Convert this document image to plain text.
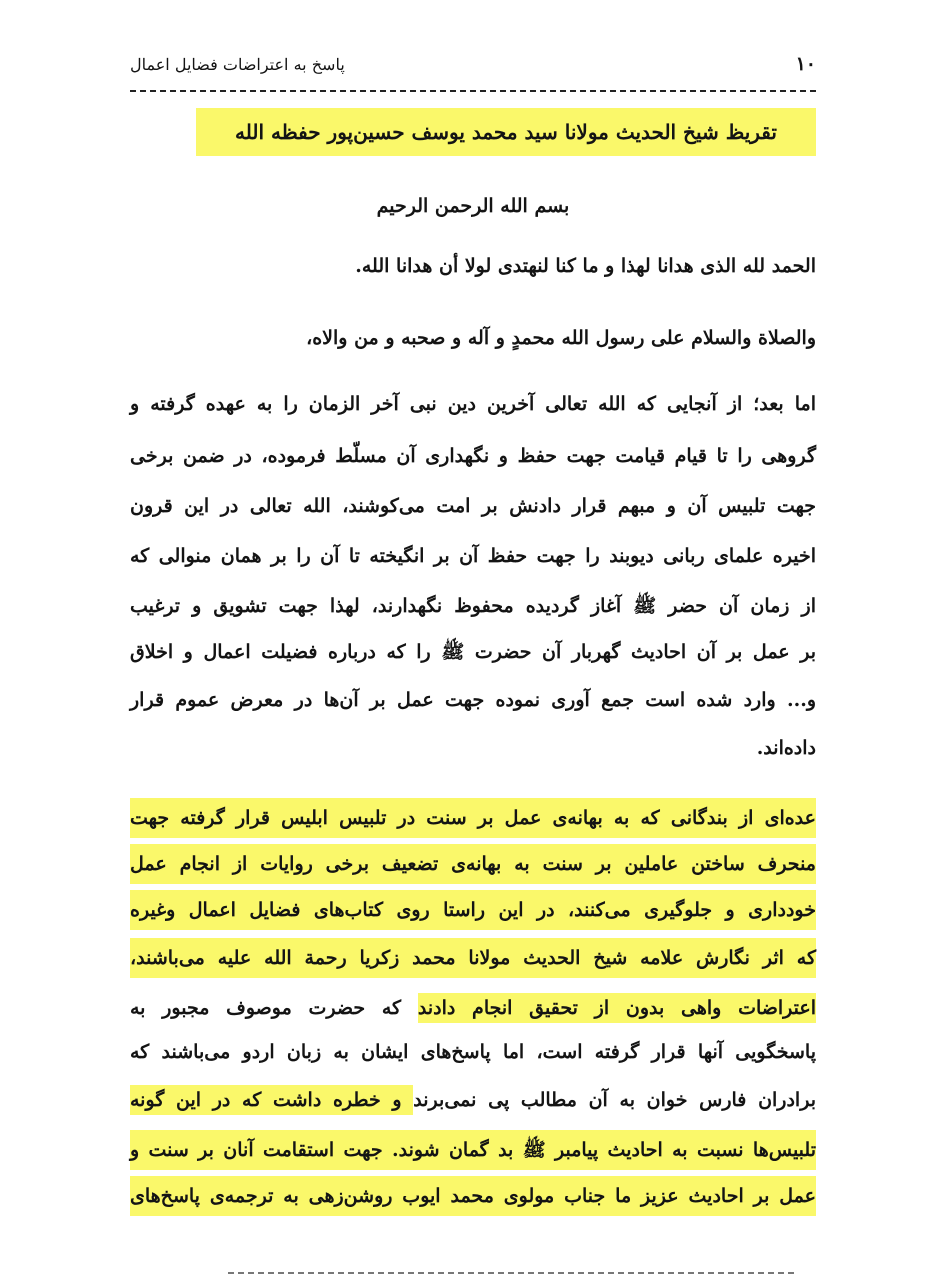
۱۰
پاسخ به اعتراضات فضایل اعمال
تقریظ شیخ الحدیث مولانا سید محمد یوسف حسین‌پور حفظه الله
بسم الله الرحمن الرحیم
الحمد لله الذی هدانا لهذا و ما کنا لنهتدی لولا أن هدانا الله.
والصلاة والسلام علی رسول الله محمدٍ و آله و صحبه و من والاه،
اما بعد؛ از آنجایی که الله تعالی آخرین دین نبی آخر الزمان را به عهده گرفته و
گروهی را تا قیام قیامت جهت حفظ و نگهداری آن مسلّط فرموده، در ضمن برخی
جهت تلبیس آن و مبهم قرار دادنش بر امت می‌کوشند، الله تعالی در این قرون
اخیره علمای ربانی دیوبند را جهت حفظ آن بر انگیخته تا آن را بر همان منوالی که
از زمان آن حضر ﷺ آغاز گردیده محفوظ نگهدارند، لهذا جهت تشویق و ترغیب
بر عمل بر آن احادیث گهربار آن حضرت ﷺ را که درباره فضیلت اعمال و اخلاق
و... وارد شده است جمع آوری نموده جهت عمل بر آن‌ها در معرض عموم قرار
داده‌اند.
عده‌ای از بندگانی که به بهانه‌ی عمل بر سنت در تلبیس ابلیس قرار گرفته جهت
منحرف ساختن عاملین بر سنت به بهانه‌ی تضعیف برخی روایات از انجام عمل
خودداری و جلوگیری می‌کنند، در این راستا روی کتاب‌های فضایل اعمال وغیره
که اثر نگارش علامه شیخ الحدیث مولانا محمد زکریا رحمة الله علیه می‌باشند،
اعتراضات واهی بدون از تحقیق انجام دادند که حضرت موصوف مجبور به
پاسخگویی آنها قرار گرفته است، اما پاسخ‌های ایشان به زبان اردو می‌باشند که
برادران فارس خوان به آن مطالب پی نمی‌برند و خطره داشت که در این گونه
تلبیس‌ها نسبت به احادیث پیامبر ﷺ بد گمان شوند. جهت استقامت آنان بر سنت و
عمل بر احادیث عزیز ما جناب مولوی محمد ایوب روشن‌زهی به ترجمه‌ی پاسخ‌های
